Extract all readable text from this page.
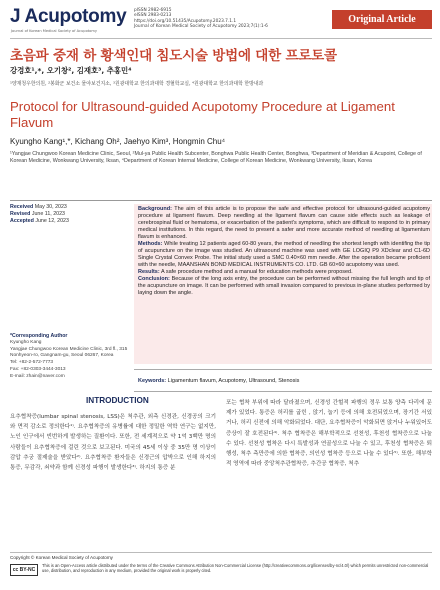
J Acupotomy
Journal of Korean Medical Society of Acupotomy
pISSN 2982-6915
eISSN 2983-0213
https://doi.org/10.51435/Acupotomy.2023.7.1.1
Journal of Korean Medical Society of Acupotomy 2023;7(1):1-6
Original Article
초음파 중재 하 황색인대 침도시술 방법에 대한 프로토콜
강경호¹,*, 오기창², 김재호³, 추홍민⁴
¹양재청우한의원, ²봉화군 보건소 물야보건지소, ³원광대학교 한의과대학 경혈학교실, ⁴원광대학교 한의과대학 한방내과
Protocol for Ultrasound-guided Acupotomy Procedure at Ligament Flavum
Kyungho Kang¹,*, Kichang Oh², Jaehyo Kim³, Hongmin Chu⁴
¹Yangjae Chungwoo Korean Medicine Clinic, Seoul, ²Mul-ya Public Health Subcenter, Bonghwa Public Health Center, Bonghwa, ³Department of Meridian & Acupoint, College of Korean Medicine, Wonkwang University, Iksan, ⁴Department of Korean Internal Medicine, College of Korean Medicine, Wonkwang University, Iksan, Korea
Received May 30, 2023
Revised June 11, 2023
Accepted June 12, 2023
*Corresponding Author
Kyungho Kang
Yangjae Chungwoo Korean Medicine Clinic, 3rd fl., 315 Nonhyeon-ro, Gangnam-gu, Seoul 06267, Korea
Tel: +82-2-572-7773
Fax: +82-0303-3444-3013
E-mail: zhain@naver.com
Background: The aim of this article is to propose the safe and effective protocol for ultrasound-guided acupotomy procedure at ligament flavum. Deep needling at the ligament flavum can cause side effects such as leakage of cerebrospinal fluid or hematoma, or exacerbation of the patient's symptoms, which are difficult to respond to in primary medical institutions. In this regard, the need to present a safer and more accurate method of needling at ligamentum flavum is enhanced.
Methods: While treating 12 patients aged 60-80 years, the method of needling the shortest length with identifing the tip of acupuncture on the image was studied. An ultrasound machine was used with GE LOGIQ P9 XDclear and C1-6D Single Crystal Convex Probe. The initial study used a SMC 0.40×60 mm needle. After the operation became proficient with the needle, MAANSHAN BOND MEDICAL INSTRUMENTS CO. LTD. GB 60×60 acupotomy was used.
Results: A safe procedure method and a manual for education methods were proposed.
Conclusion: Because of the long axis entry, the procedure can be performed without missing the full length and tip of the acupuncture on image. It can be performed with small invasion compared to previous in-plane studies performed by laying down the angle.
Keywords: Ligamentum flavum, Acupotomy, Ultrasound, Stenosis
INTRODUCTION
요추협착증(lumbar spinal stenosis, LSS)은 척추관, 외측 신경관, 신경공의 크기와 면적 감소로 정의한다¹⁾. 요추협착증의 유병률에 대한 정밀한 역학 연구는 없지만, 노인 인구에서 빈번하게 발생하는 질환이다. 또한, 전 세계적으로 약 1억 3백만 명의 사람들이 요추협착증에 걸린 것으로 보고된다. 미국의 45세 이상 중 35만 명 이상이 감압 추궁 절제술을 받았다²⁾. 요추협착증 환자들은 신경근의 압박으로 인해 하지의 통증, 무감각, 쇠약과 함께 신경성 파행이 발생한다³⁾. 하지의 통증 분
포는 협착 부위에 따라 달라졌으며, 신경성 간헐적 파행의 정우 보통 양측 다리에 문제가 있었다. 통증은 허리를 굽힌 , 앉기, 눕기 등에 의해 호전되었으며, 장기간 서있거나, 허리 신전에 의해 악화되었다. 대단, 요추협착증이 악화되면 앉거나 누워있어도 증상이 잘 호전된다⁴⁾. 척추 협착증은 해부학적으로 선천성, 후천성 협착증으로 나눌 수 있다. 선천성 협착은 다시 특발성과 연골성으로 나눌 수 있고, 후천성 협착증은 퇴행성, 척추 측만증에 의한 협착증, 의인성 협착증 등으로 나눌 수 있다⁵⁾. 또한, 해부학적 영역에 따라 중앙척추관협착증, 추간공 협착증, 척추
Copyright © Korean Medical Society of Acupotomy
cc BY-NC
This is an Open-Access article distributed under the terms of the Creative Commons Attribution Non-Commercial License (http://creativecommons.org/licenses/by-nc/4.0/) which permits unrestricted non-commercial use, distribution, and reproduction in any medium, provided the original work is properly cited.
